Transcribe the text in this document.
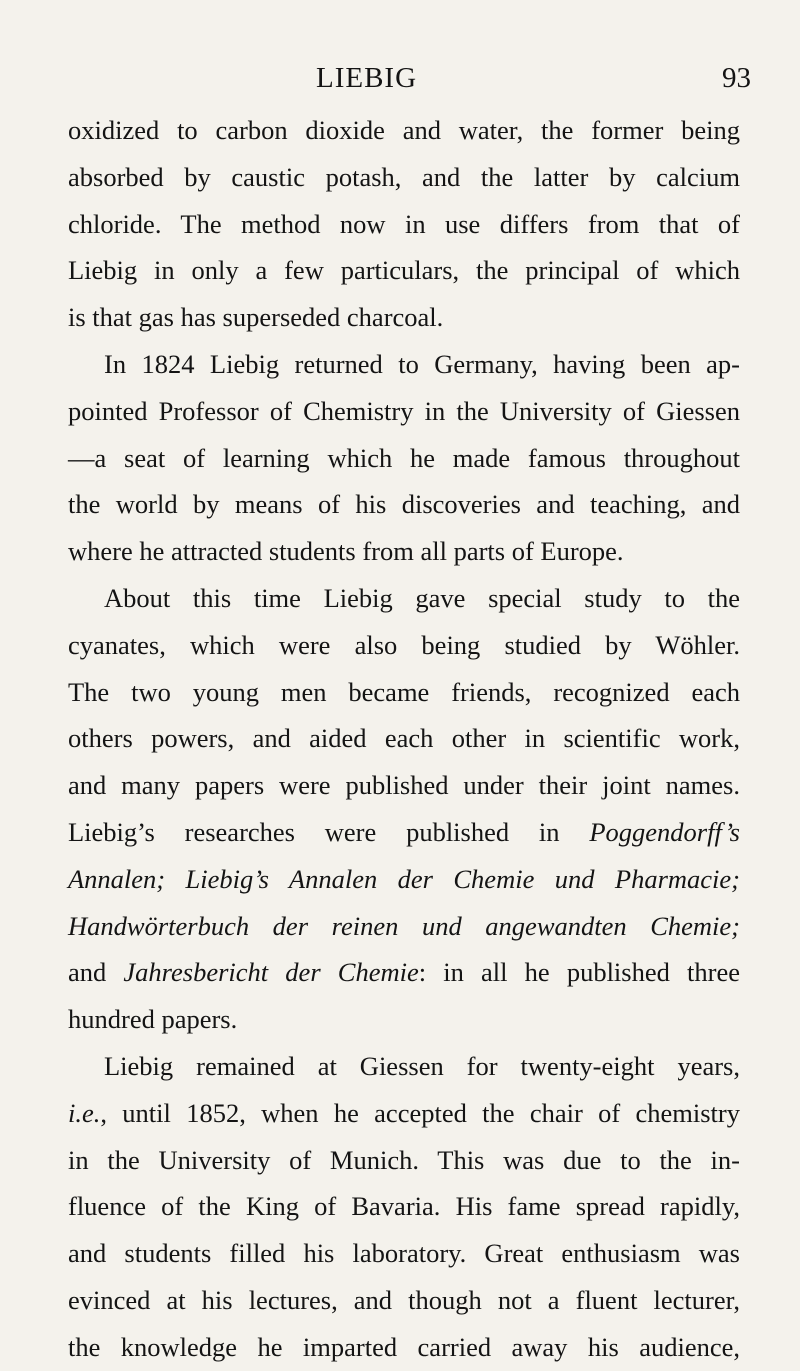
LIEBIG	93
oxidized to carbon dioxide and water, the former being
absorbed by caustic potash, and the latter by calcium
chloride. The method now in use differs from that of
Liebig in only a few particulars, the principal of which
is that gas has superseded charcoal.
In 1824 Liebig returned to Germany, having been ap-
pointed Professor of Chemistry in the University of Giessen
—a seat of learning which he made famous throughout
the world by means of his discoveries and teaching, and
where he attracted students from all parts of Europe.
About this time Liebig gave special study to the
cyanates, which were also being studied by Wöhler.
The two young men became friends, recognized each
others powers, and aided each other in scientific work,
and many papers were published under their joint names.
Liebig’s researches were published in Poggendorff’s
Annalen; Liebig’s Annalen der Chemie und Pharmacie;
Handwörterbuch der reinen und angewandten Chemie;
and Jahresbericht der Chemie: in all he published three
hundred papers.
Liebig remained at Giessen for twenty-eight years,
i.e., until 1852, when he accepted the chair of chemistry
in the University of Munich. This was due to the in-
fluence of the King of Bavaria. His fame spread rapidly,
and students filled his laboratory. Great enthusiasm was
evinced at his lectures, and though not a fluent lecturer,
the knowledge he imparted carried away his audience,
